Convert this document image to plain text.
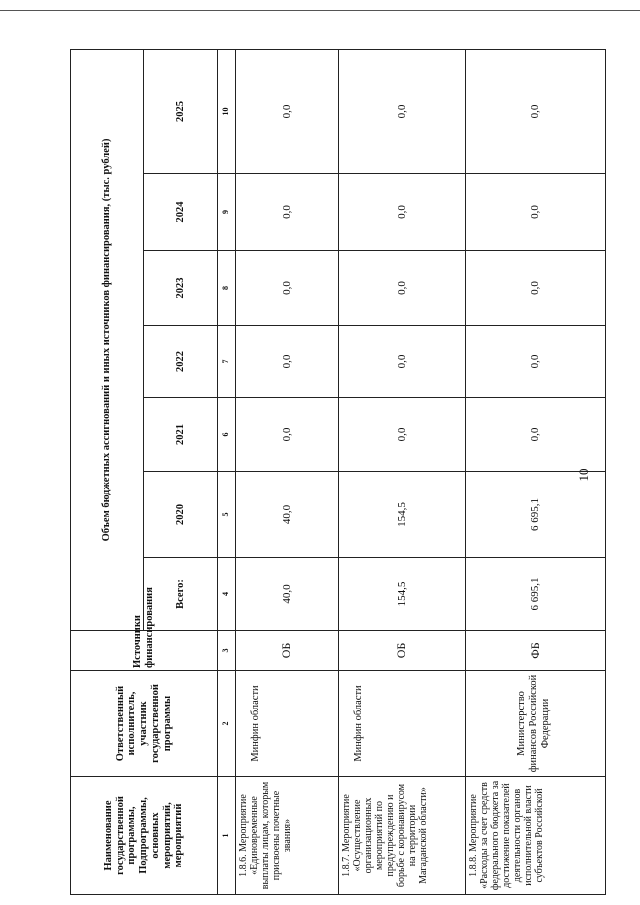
Наименование государственной программы, Подпрограммы, основных мероприятий, мероприятий	Ответственный исполнитель, участник государственной программы	Источники финансирования	Объем бюджетных ассигнований и иных источников финансирования, (тыс. рублей)						
			Всего:	2020	2021	2022	2023	2024	2025
1	2	3	4	5	6	7	8	9	10

1.8.6. Мероприятие «Единовременные выплаты лицам, которым присвоены почетные звания»	Минфин области	ОБ	40,0	40,0	0,0	0,0	0,0	0,0	0,0

1.8.7. Мероприятие «Осуществление организационных мероприятий по предупреждению и борьбе с коронавирусом на территории Магаданской области»	Минфин области	ОБ	154,5	154,5	0,0	0,0	0,0	0,0	0,0

1.8.8. Мероприятие «Расходы за счет средств федерального бюджета за достижение показателей деятельности органов исполнительной власти субъектов Российской	Министерство финансов Российской Федерации	ФБ	6 695,1	6 695,1	0,0	0,0	0,0	0,0	0,0
10
